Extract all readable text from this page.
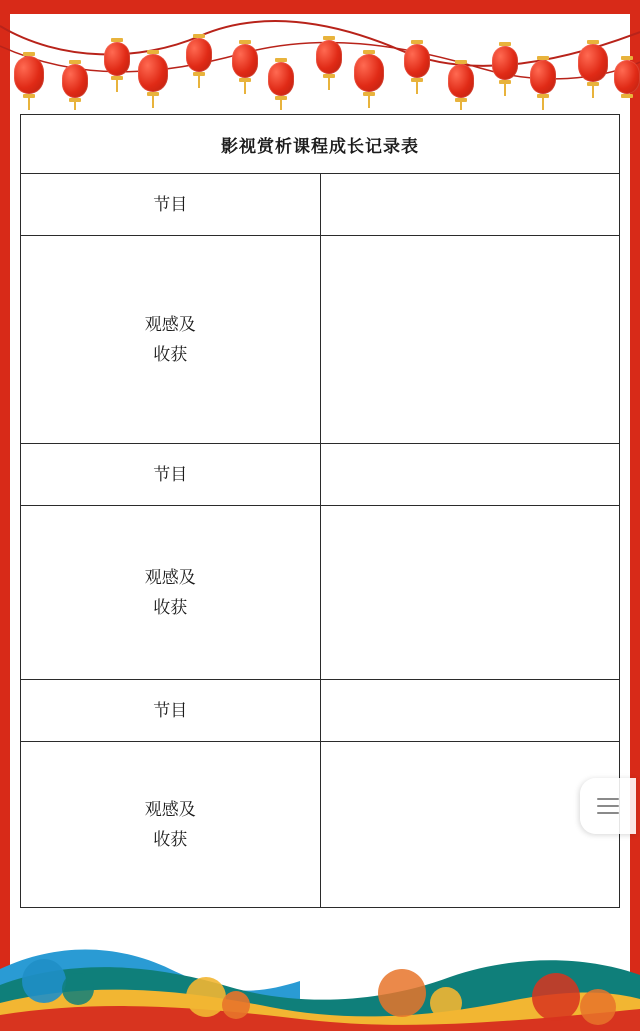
影视赏析课程成长记录表	
节目	

观感及
收获	

节目	

观感及
收获	

节目	

观感及
收获	
